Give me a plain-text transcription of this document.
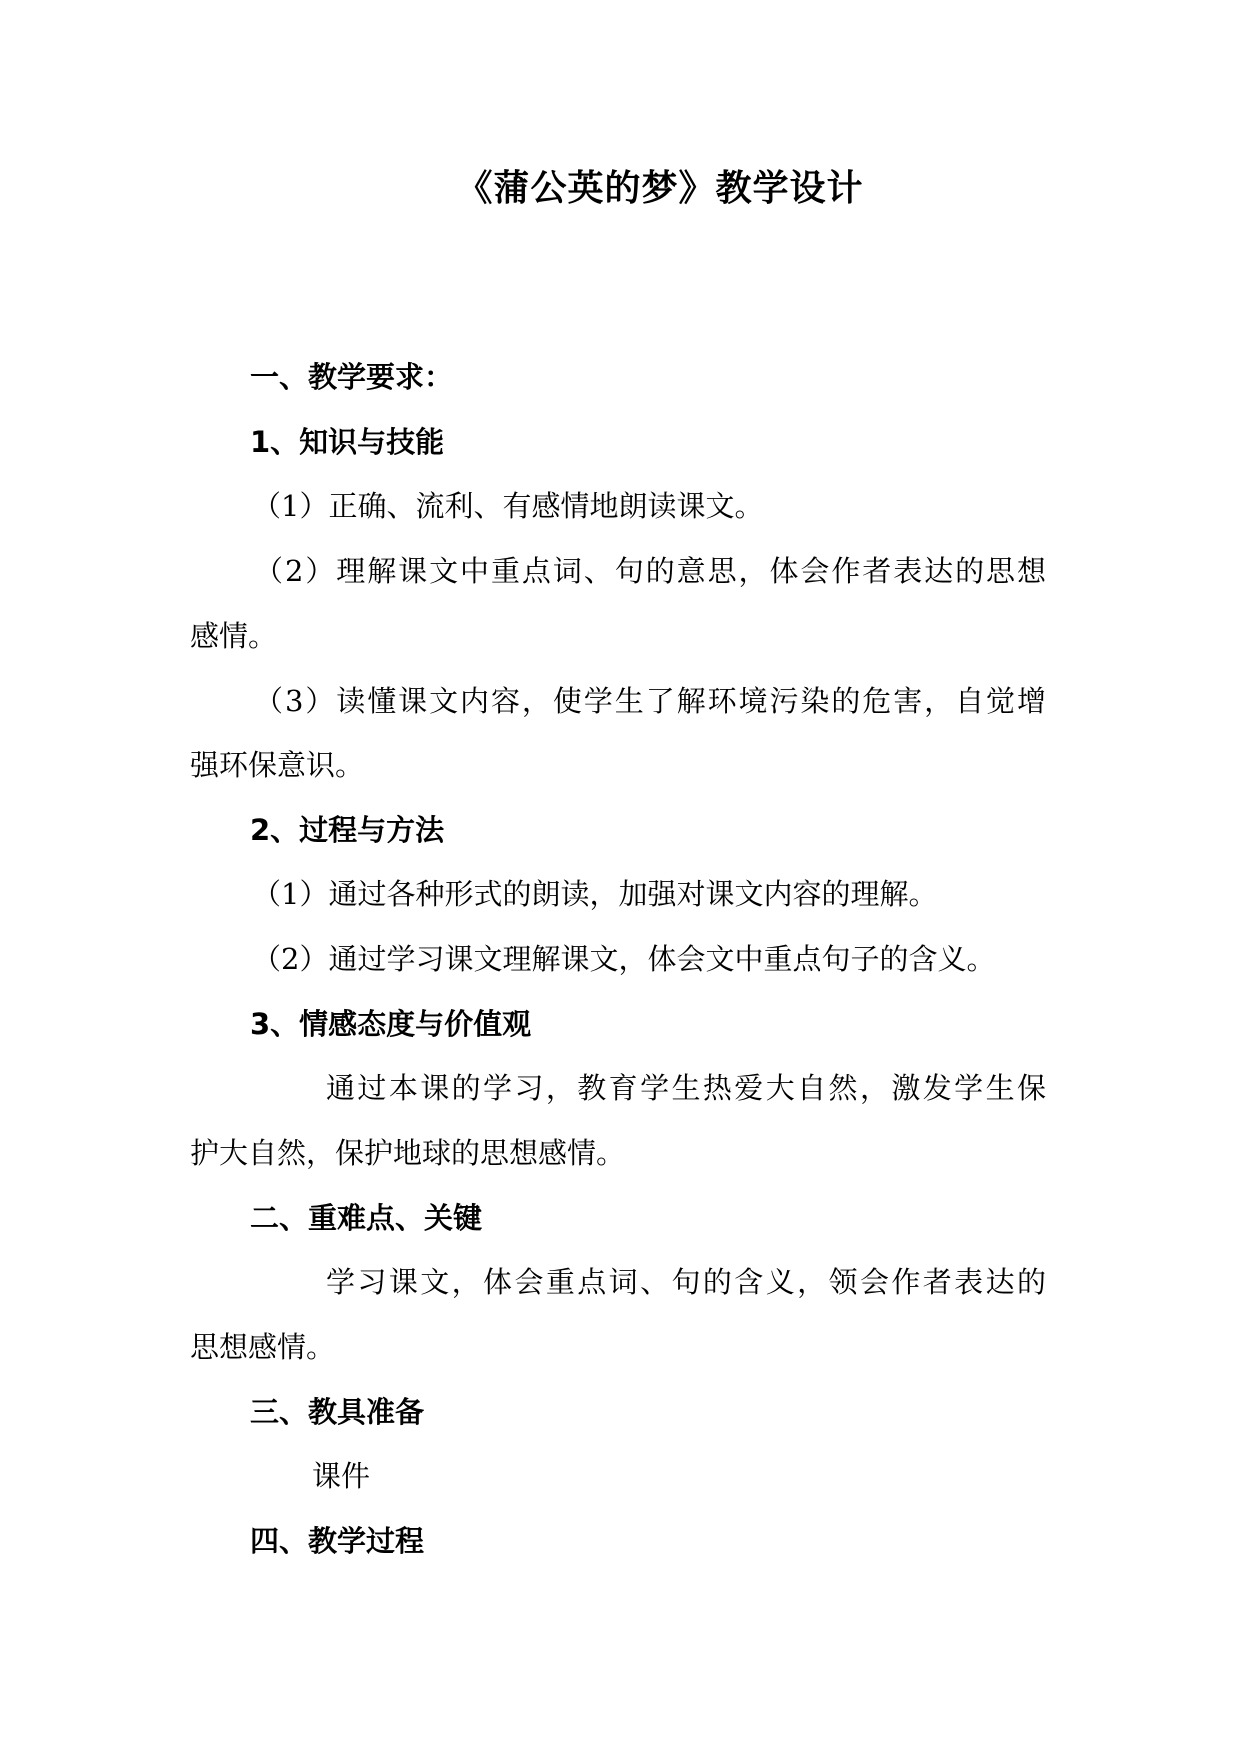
《蒲公英的梦》教学设计
一、教学要求：
1、知识与技能
（1）正确、流利、有感情地朗读课文。
（2）理解课文中重点词、句的意思，体会作者表达的思想
感情。
（3）读懂课文内容，使学生了解环境污染的危害，自觉增
强环保意识。
2、过程与方法
（1）通过各种形式的朗读，加强对课文内容的理解。
（2）通过学习课文理解课文，体会文中重点句子的含义。
3、情感态度与价值观
通过本课的学习，教育学生热爱大自然，激发学生保
护大自然，保护地球的思想感情。
二、重难点、关键
学习课文，体会重点词、句的含义，领会作者表达的
思想感情。
三、教具准备
课件
四、教学过程
